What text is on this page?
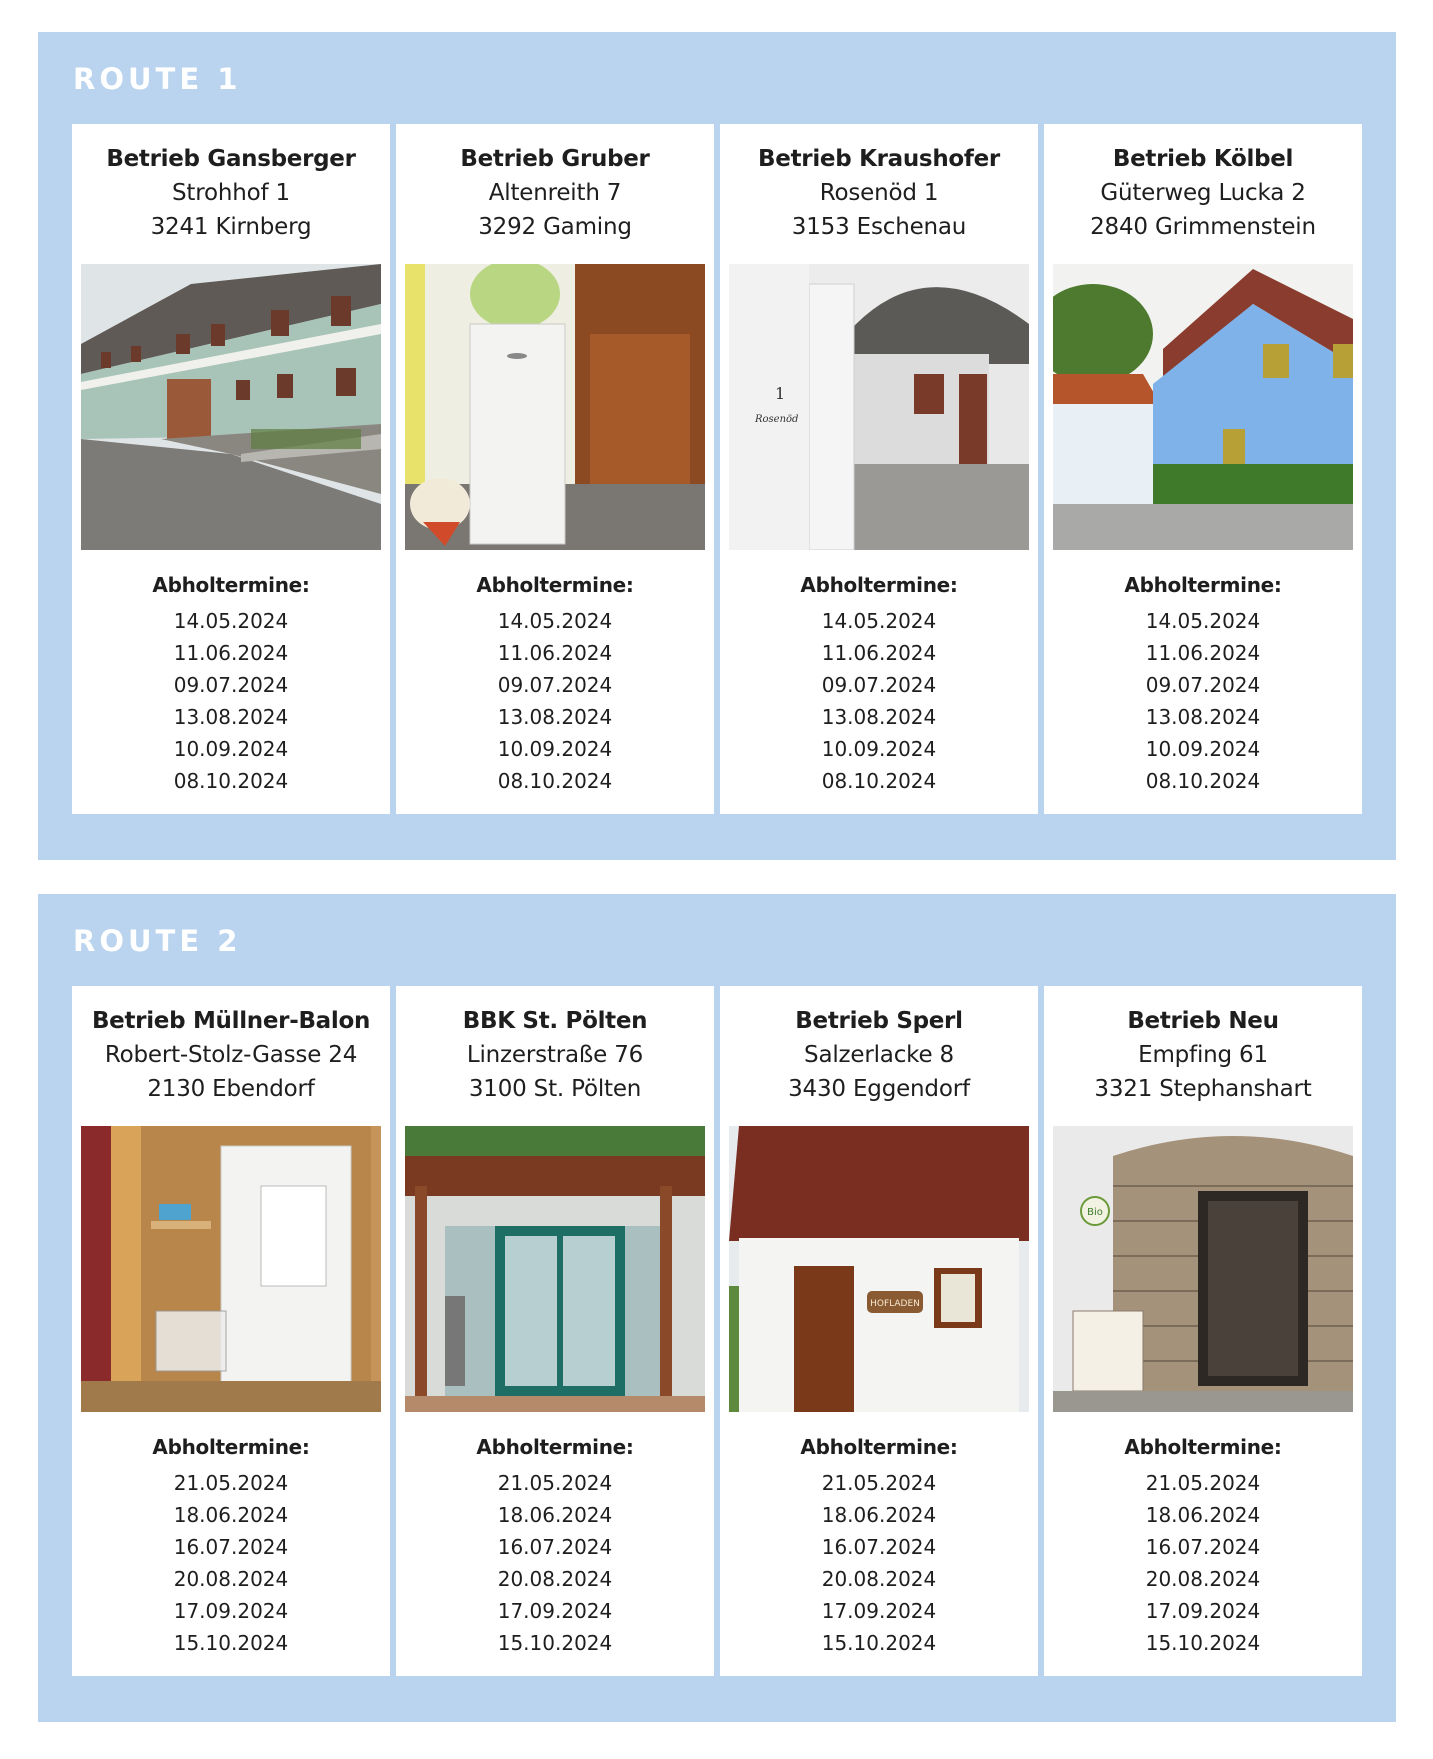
ROUTE 1
Betrieb Gansberger
Strohhof 1
3241 Kirnberg
Abholtermine:
14.05.2024
11.06.2024
09.07.2024
13.08.2024
10.09.2024
08.10.2024
Betrieb Gruber
Altenreith 7
3292 Gaming
Abholtermine:
14.05.2024
11.06.2024
09.07.2024
13.08.2024
10.09.2024
08.10.2024
Betrieb Kraushofer
Rosenöd 1
3153 Eschenau
1
Rosenöd
Abholtermine:
14.05.2024
11.06.2024
09.07.2024
13.08.2024
10.09.2024
08.10.2024
Betrieb Kölbel
Güterweg Lucka 2
2840 Grimmenstein
Abholtermine:
14.05.2024
11.06.2024
09.07.2024
13.08.2024
10.09.2024
08.10.2024
ROUTE 2
Betrieb Müllner-Balon
Robert-Stolz-Gasse 24
2130 Ebendorf
Abholtermine:
21.05.2024
18.06.2024
16.07.2024
20.08.2024
17.09.2024
15.10.2024
BBK St. Pölten
Linzerstraße 76
3100 St. Pölten
Abholtermine:
21.05.2024
18.06.2024
16.07.2024
20.08.2024
17.09.2024
15.10.2024
Betrieb Sperl
Salzerlacke 8
3430 Eggendorf
HOFLADEN
Abholtermine:
21.05.2024
18.06.2024
16.07.2024
20.08.2024
17.09.2024
15.10.2024
Betrieb Neu
Empfing 61
3321 Stephanshart
Bio
Abholtermine:
21.05.2024
18.06.2024
16.07.2024
20.08.2024
17.09.2024
15.10.2024
